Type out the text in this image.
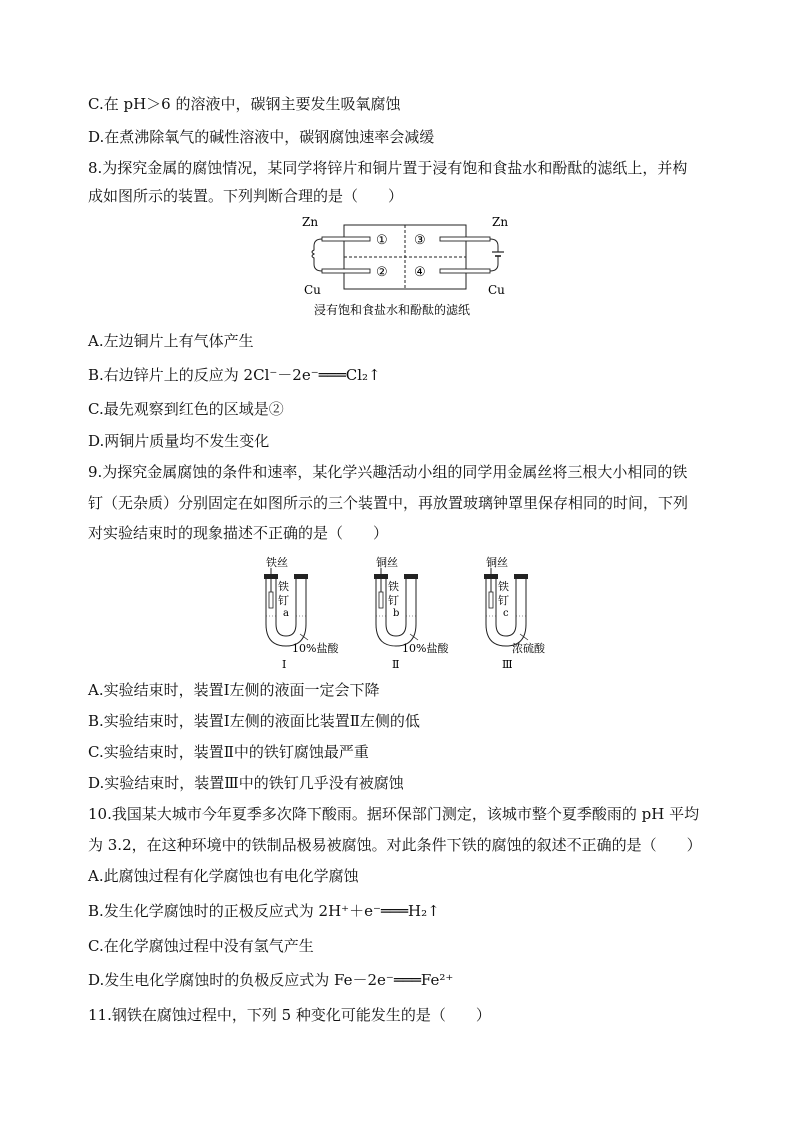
C.在 pH＞6 的溶液中，碳钢主要发生吸氧腐蚀
D.在煮沸除氧气的碱性溶液中，碳钢腐蚀速率会减缓
8.为探究金属的腐蚀情况，某同学将锌片和铜片置于浸有饱和食盐水和酚酞的滤纸上，并构
成如图所示的装置。下列判断合理的是（　　）
Zn	Zn
Cu	Cu
①
②
③
④
浸有饱和食盐水和酚酞的滤纸
A.左边铜片上有气体产生
B.右边锌片上的反应为 2Cl⁻－2e⁻═══Cl₂↑
C.最先观察到红色的区域是②
D.两铜片质量均不发生变化
9.为探究金属腐蚀的条件和速率，某化学兴趣活动小组的同学用金属丝将三根大小相同的铁
钉（无杂质）分别固定在如图所示的三个装置中，再放置玻璃钟罩里保存相同的时间，下列
对实验结束时的现象描述不正确的是（　　）
铁丝
铁
钉
a
10%盐酸
Ⅰ
铜丝
铁
钉
b
10%盐酸
Ⅱ
铜丝
铁
钉
c
浓硫酸
Ⅲ
A.实验结束时，装置Ⅰ左侧的液面一定会下降
B.实验结束时，装置Ⅰ左侧的液面比装置Ⅱ左侧的低
C.实验结束时，装置Ⅱ中的铁钉腐蚀最严重
D.实验结束时，装置Ⅲ中的铁钉几乎没有被腐蚀
10.我国某大城市今年夏季多次降下酸雨。据环保部门测定，该城市整个夏季酸雨的 pH 平均
为 3.2，在这种环境中的铁制品极易被腐蚀。对此条件下铁的腐蚀的叙述不正确的是（　　）
A.此腐蚀过程有化学腐蚀也有电化学腐蚀
B.发生化学腐蚀时的正极反应式为 2H⁺＋e⁻═══H₂↑
C.在化学腐蚀过程中没有氢气产生
D.发生电化学腐蚀时的负极反应式为 Fe－2e⁻═══Fe²⁺
11.钢铁在腐蚀过程中，下列 5 种变化可能发生的是（　　）
